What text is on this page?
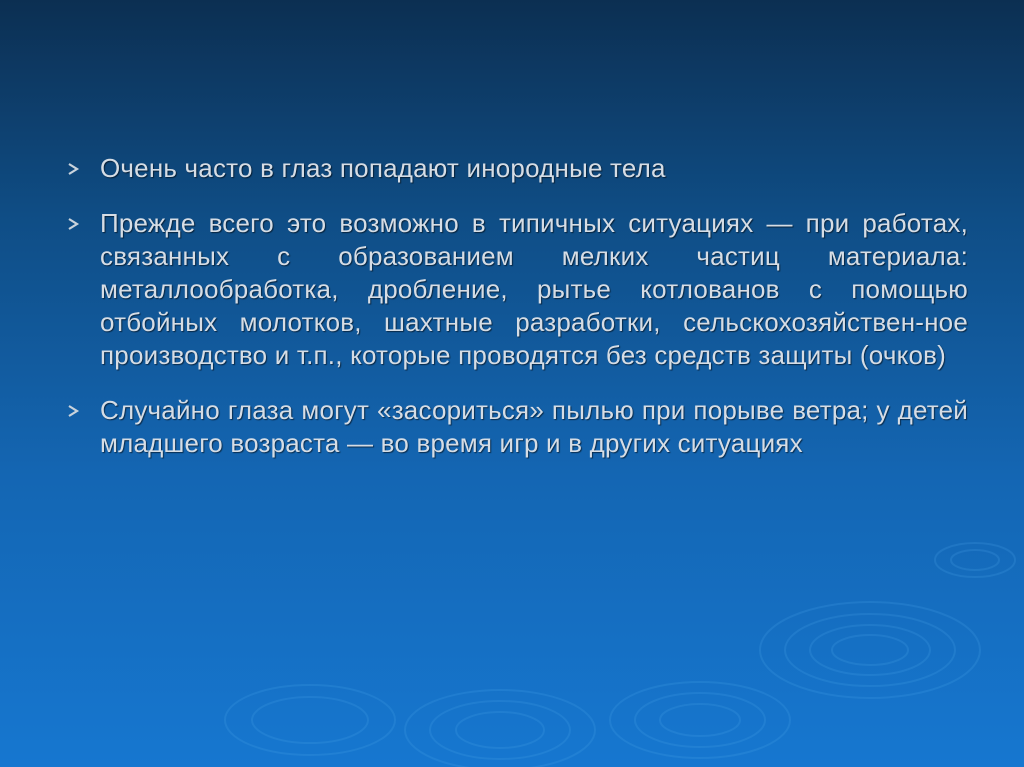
Очень часто в глаз попадают инородные тела
Прежде всего это возможно в типичных ситуациях — при работах, связанных с образованием мелких частиц материала: металлообработка, дробление, рытье котлованов с помощью отбойных молотков, шахтные разработки, сельскохозяйствен-ное производство и т.п., которые проводятся без средств защиты (очков)
Случайно глаза могут «засориться» пылью при порыве ветра; у детей младшего возраста — во время игр и в других ситуациях
